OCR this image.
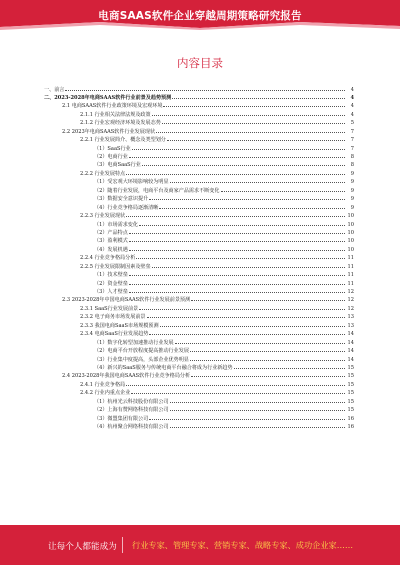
电商SAAS软件企业穿越周期策略研究报告
内容目录
一、前言	4
二、2023-2028年电商SAAS软件行业前景及趋势预测	4
2.1 电商SAAS软件行业政策环境及宏观环境	4
2.1.1 行业相关法律法规及政策	4
2.1.2 行业宏观经济环境及发展态势	5
2.2 2023年电商SAAS软件行业发展现状	7
2.2.1 行业发展简介、概念及类型划分	7
（1）SaaS行业	7
（2）电商行业	8
（3）电商SaaS行业	8
2.2.2 行业发展特点	9
（1）受宏观大环境影响较为明显	9
（2）随着行业发展，电商平台及商家产品需求不断变化	9
（3）数据安全意识提升	9
（4）行业竞争格局逐渐清晰	9
2.2.3 行业发展现状	10
（1）市场需求变化	10
（2）产品特点	10
（3）盈利模式	10
（4）发展机遇	10
2.2.4 行业竞争格局分析	11
2.2.5 行业发展限制因素及壁垒	11
（1）技术壁垒	11
（2）资金壁垒	11
（3）人才壁垒	12
2.3 2023-2028年中国电商SAAS软件行业发展前景预测	12
2.3.1 SaaS行业发展前景	12
2.3.2 电子商务市场发展前景	13
2.3.3 我国电商SaaS市场规模预测	13
2.3.4 电商SaaS行业发展趋势	14
（1）数字化转型加速推动行业发展	14
（2）电商平台开放程度提高推动行业发展	14
（3）行业集中度提高，头部企业优势明显	14
（4）新兴的SaaS服务与传统电商平台融合将成为行业新趋势	15
2.4 2023-2028年我国电商SAAS软件行业竞争格局分析	15
2.4.1 行业竞争格局	15
2.4.2 行业内重点企业	15
（1）杭州光云科技股份有限公司	15
（2）上海有赞网络科技有限公司	15
（3）微盟集团有限公司	16
（4）杭州聚合网络科技有限公司	16
让每个人都能成为 行业专家、管理专家、营销专家、战略专家、成功企业家……
